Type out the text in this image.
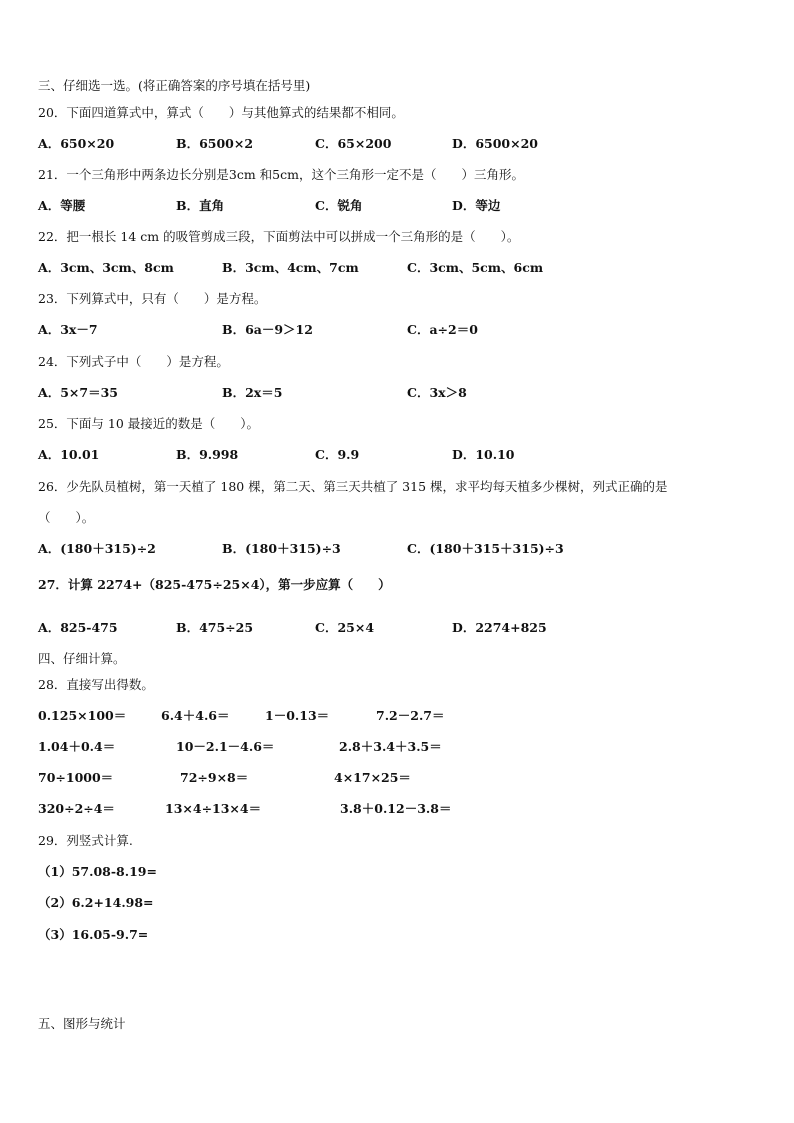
三、仔细选一选。(将正确答案的序号填在括号里)
20．下面四道算式中，算式（　　）与其他算式的结果都不相同。
A．650×20	B．6500×2	C．65×200	D．6500×20
21．一个三角形中两条边长分别是3cm 和5cm，这个三角形一定不是（　　）三角形。
A．等腰	B．直角	C．锐角	D．等边
22．把一根长 14 cm 的吸管剪成三段，下面剪法中可以拼成一个三角形的是（　　）。
A．3cm、3cm、8cm	B．3cm、4cm、7cm	C．3cm、5cm、6cm
23．下列算式中，只有（　　）是方程。
A．3x－7	B．6a－9＞12	C．a÷2＝0
24．下列式子中（　　）是方程。
A．5×7＝35	B．2x＝5	C．3x＞8
25．下面与 10 最接近的数是（　　）。
A．10.01	B．9.998	C．9.9	D．10.10
26．少先队员植树，第一天植了 180 棵，第二天、第三天共植了 315 棵，求平均每天植多少棵树，列式正确的是
（　　）。
A．(180＋315)÷2	B．(180＋315)÷3	C．(180＋315＋315)÷3
27．计算 2274+（825-475÷25×4），第一步应算（　　）
A．825-475	B．475÷25	C．25×4	D．2274+825
四、仔细计算。
28．直接写出得数。
0.125×100＝	6.4＋4.6＝	1－0.13＝	7.2－2.7＝
1.04＋0.4＝	10－2.1－4.6＝	2.8＋3.4＋3.5＝
70÷1000＝	72÷9×8＝	4×17×25＝
320÷2÷4＝	13×4÷13×4＝	3.8＋0.12－3.8＝
29．列竖式计算.
（1）57.08-8.19=
（2）6.2+14.98=
（3）16.05-9.7=
五、图形与统计
